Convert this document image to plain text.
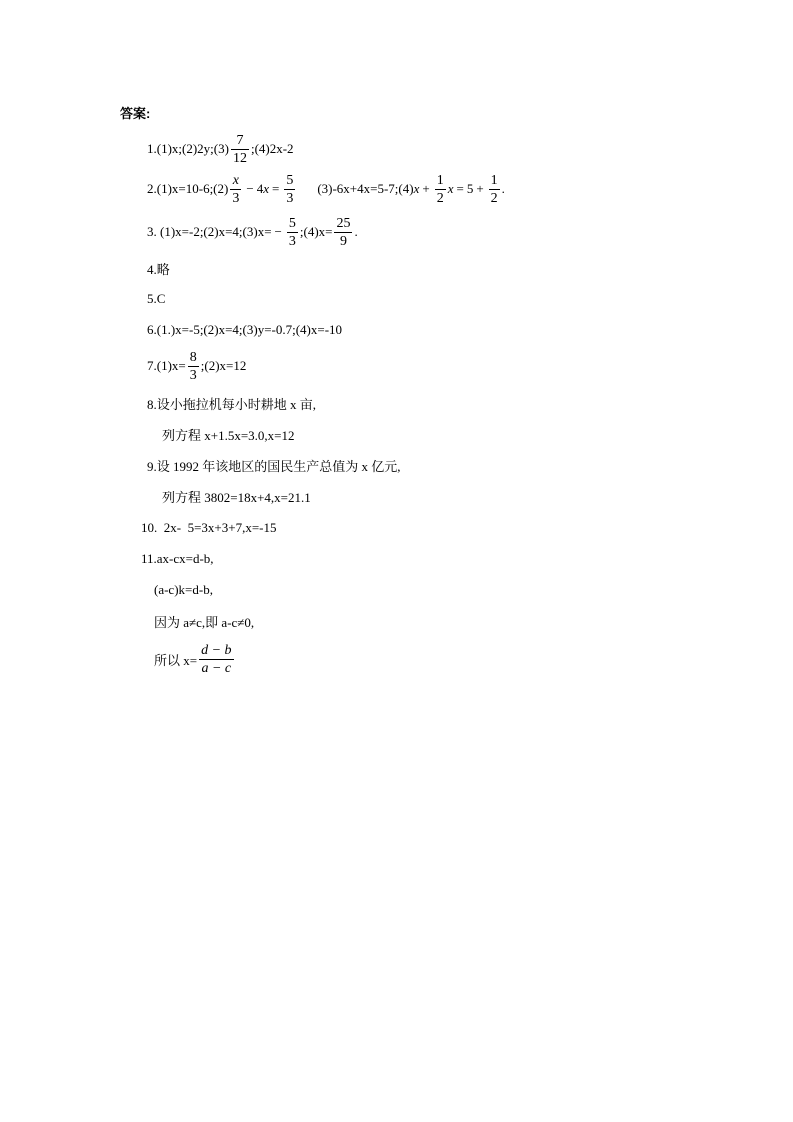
答案:
1.(1)x;(2)2y;(3) $\frac{7}{12}$ ;(4)2x-2
2.(1)x=10-6;(2) $\frac{x}{3} - 4$ $x = \frac{5}{3}$ (3)-6x+4x=5-7;(4) $x + \frac{1}{2}$ $x = 5 + \frac{1}{2}$ .
3. (1)x=-2;(2)x=4;(3)x= − $\frac{5}{3}$ ;(4)x= $\frac{25}{9}$ .
4.略
5.C
6.(1.)x=-5;(2)x=4;(3)y=-0.7;(4)x=-10
$7.(1)x= \frac{8}{3}$ ;(2)x=12
8.设小拖拉机每小时耕地 x 亩,
列方程 x+1.5x=3.0,x=12
9.设 1992 年该地区的国民生产总值为 x 亿元,
列方程 3802=18x+4,x=21.1
10.  2x-  5=3x+3+7,x=-15
11.ax-cx=d-b,
(a-c)k=d-b,
因为 a≠c,即 a-c≠0,
所以 $x= \frac{d - b}{a - c}$
